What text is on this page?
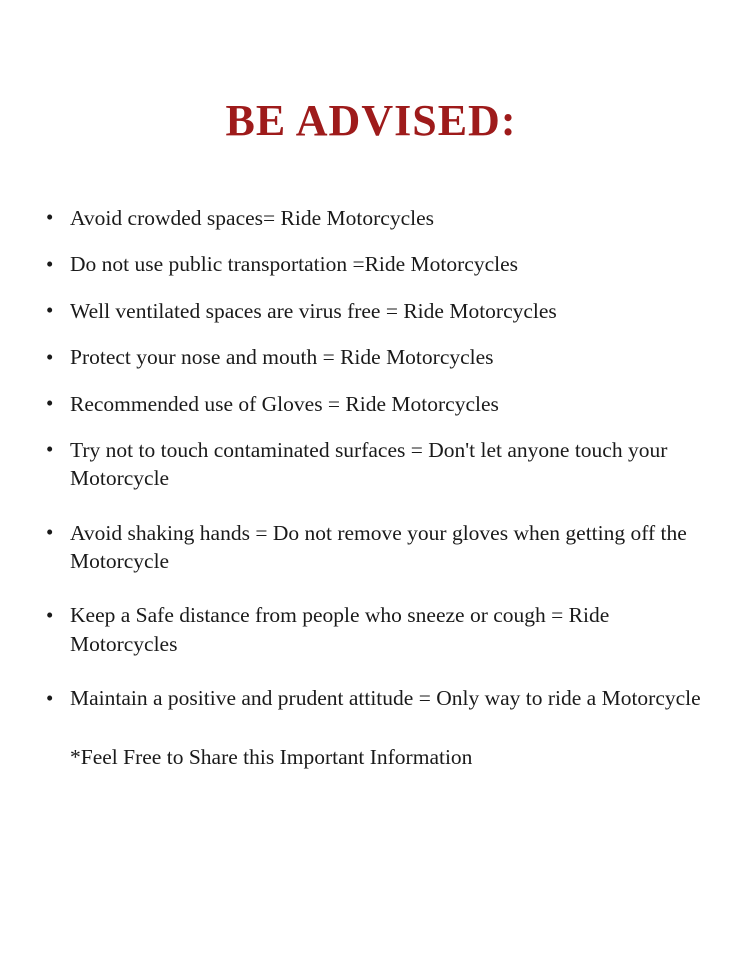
BE ADVISED:
• Avoid crowded spaces= Ride Motorcycles
• Do not use public transportation =Ride Motorcycles
• Well ventilated spaces are virus free = Ride Motorcycles
• Protect your nose and mouth = Ride Motorcycles
• Recommended use of Gloves = Ride Motorcycles
• Try not to touch contaminated surfaces = Don't let anyone touch your Motorcycle
• Avoid shaking hands = Do not remove your gloves when getting off the Motorcycle
• Keep a Safe distance from people who sneeze or cough = Ride Motorcycles
• Maintain a positive and prudent attitude = Only way to ride a Motorcycle
*Feel Free to Share this Important Information
